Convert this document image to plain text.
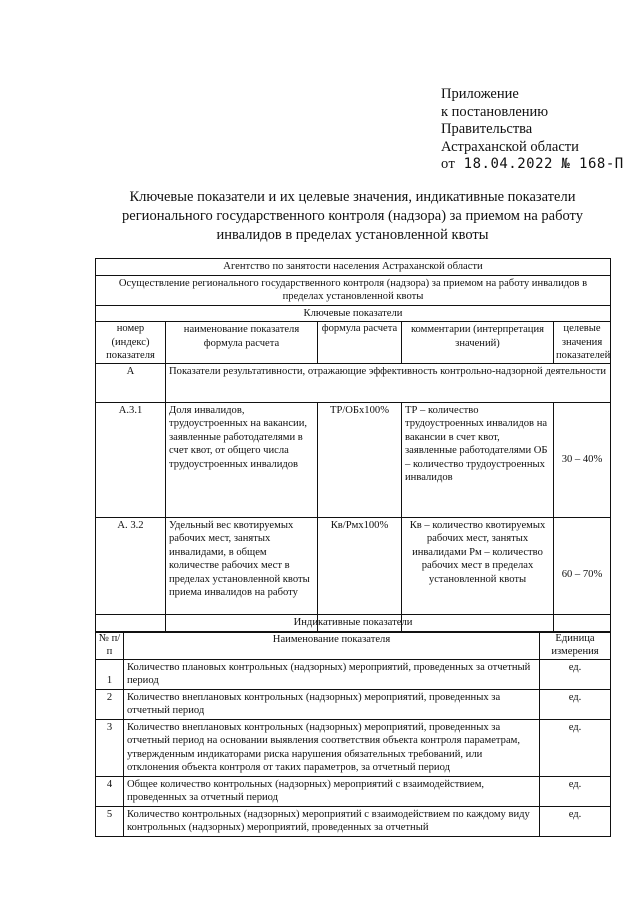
Приложение
к постановлению
Правительства
Астраханской области
от 18.04.2022 № 168-П
Ключевые показатели и их целевые значения, индикативные показатели регионального государственного контроля (надзора) за приемом на работу инвалидов в пределах установленной квоты
Агентство по занятости населения Астраханской области				
Осуществление регионального государственного контроля (надзора) за приемом на работу инвалидов в пределах установленной квоты				
Ключевые показатели				
номер (индекс) показателя	наименование показателя формула расчета	формула расчета	комментарии (интерпретация значений)	целевые значения показателей
А	Показатели результативности, отражающие эффективность контрольно-надзорной деятельности			
А.3.1	Доля инвалидов, трудоустроенных на вакансии, заявленные работодателями в счет квот, от общего числа трудоустроенных инвалидов	ТР/ОБх100%	ТР – количество трудоустроенных инвалидов на вакансии в счет квот, заявленные работодателями ОБ – количество трудоустроенных инвалидов	30 – 40%
А. 3.2	Удельный вес квотируемых рабочих мест, занятых инвалидами, в общем количестве рабочих мест в пределах установленной квоты приема инвалидов на работу	Кв/Рмх100%	Кв – количество квотируемых рабочих мест, занятых инвалидами Рм – количество рабочих мест в пределах установленной квоты	60 – 70%
Индикативные показатели		
№ п/п	Наименование показателя	Единица измерения
1	Количество плановых контрольных (надзорных) мероприятий, проведенных за отчетный период	ед.
2	Количество внеплановых контрольных (надзорных) мероприятий, проведенных за отчетный период	ед.
3	Количество внеплановых контрольных (надзорных) мероприятий, проведенных за отчетный период на основании выявления соответствия объекта контроля параметрам, утвержденным индикаторами риска нарушения обязательных требований, или отклонения объекта контроля от таких параметров, за отчетный период	ед.
4	Общее количество контрольных (надзорных) мероприятий с взаимодействием, проведенных за отчетный период	ед.
5	Количество контрольных (надзорных) мероприятий с взаимодействием по каждому виду контрольных (надзорных) мероприятий, проведенных за отчетный	ед.
